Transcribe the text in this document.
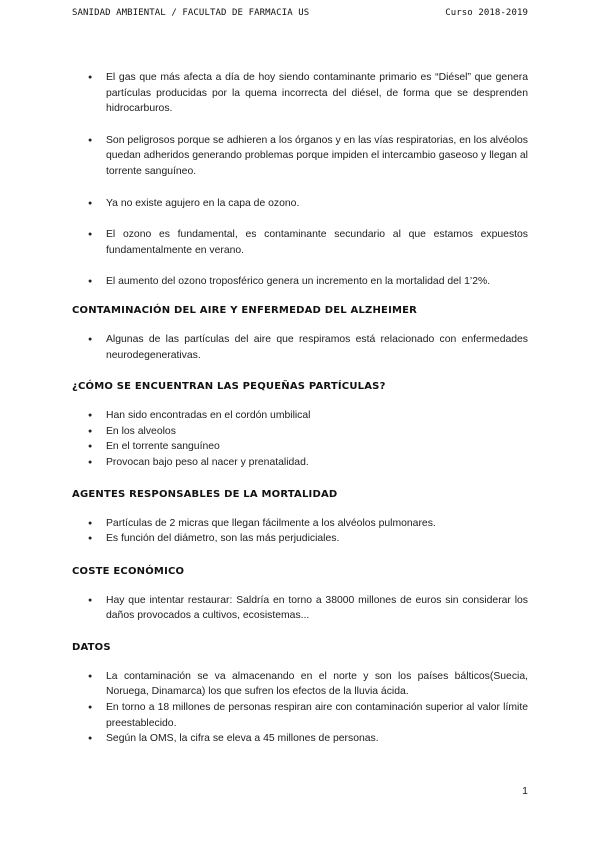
SANIDAD AMBIENTAL / FACULTAD DE FARMACIA US	Curso 2018-2019
● El gas que más afecta a día de hoy siendo contaminante primario es “Diésel” que genera partículas producidas por la quema incorrecta del diésel, de forma que se desprenden hidrocarburos.
● Son peligrosos porque se adhieren a los órganos y en las vías respiratorias, en los alvéolos quedan adheridos generando problemas porque impiden el intercambio gaseoso y llegan al torrente sanguíneo.
● Ya no existe agujero en la capa de ozono.
● El ozono es fundamental, es contaminante secundario al que estamos expuestos fundamentalmente en verano.
● El aumento del ozono troposférico genera un incremento en la mortalidad del 1’2%.
CONTAMINACIÓN DEL AIRE Y ENFERMEDAD DEL ALZHEIMER
● Algunas de las partículas del aire que respiramos está relacionado con enfermedades neurodegenerativas.
¿CÓMO SE ENCUENTRAN LAS PEQUEÑAS PARTÍCULAS?
● Han sido encontradas en el cordón umbilical
● En los alveolos
● En el torrente sanguíneo
● Provocan bajo peso al nacer y prenatalidad.
AGENTES RESPONSABLES DE LA MORTALIDAD
● Partículas de 2 micras que llegan fácilmente a los alvéolos pulmonares.
● Es función del diámetro, son las más perjudiciales.
COSTE ECONÓMICO
● Hay que intentar restaurar: Saldría en torno a 38000 millones de euros sin considerar los daños provocados a cultivos, ecosistemas...
DATOS
● La contaminación se va almacenando en el norte y son los países bálticos(Suecia, Noruega, Dinamarca) los que sufren los efectos de la lluvia ácida.
● En torno a 18 millones de personas respiran aire con contaminación superior al valor límite preestablecido.
● Según la OMS, la cifra se eleva a 45 millones de personas.
1
